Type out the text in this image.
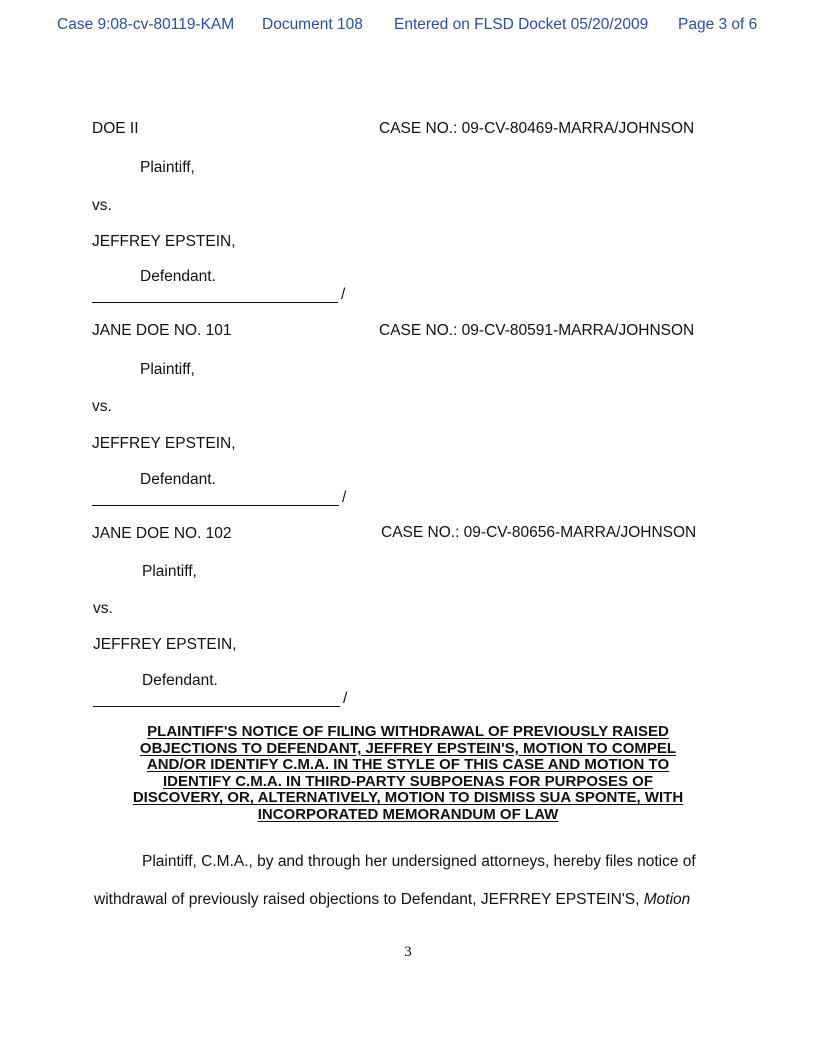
Case 9:08-cv-80119-KAM Document 108 Entered on FLSD Docket 05/20/2009 Page 3 of 6
DOE II	CASE NO.: 09-CV-80469-MARRA/JOHNSON
Plaintiff,
vs.
JEFFREY EPSTEIN,
Defendant.
/
JANE DOE NO. 101	CASE NO.: 09-CV-80591-MARRA/JOHNSON
Plaintiff,
vs.
JEFFREY EPSTEIN,
Defendant.
/
JANE DOE NO. 102	CASE NO.: 09-CV-80656-MARRA/JOHNSON
Plaintiff,
vs.
JEFFREY EPSTEIN,
Defendant.
/
PLAINTIFF'S NOTICE OF FILING WITHDRAWAL OF PREVIOUSLY RAISED
OBJECTIONS TO DEFENDANT, JEFFREY EPSTEIN'S, MOTION TO COMPEL
AND/OR IDENTIFY C.M.A. IN THE STYLE OF THIS CASE AND MOTION TO
IDENTIFY C.M.A. IN THIRD-PARTY SUBPOENAS FOR PURPOSES OF
DISCOVERY, OR, ALTERNATIVELY, MOTION TO DISMISS SUA SPONTE, WITH
INCORPORATED MEMORANDUM OF LAW
Plaintiff, C.M.A., by and through her undersigned attorneys, hereby files notice of
withdrawal of previously raised objections to Defendant, JEFRREY EPSTEIN'S, Motion
3
